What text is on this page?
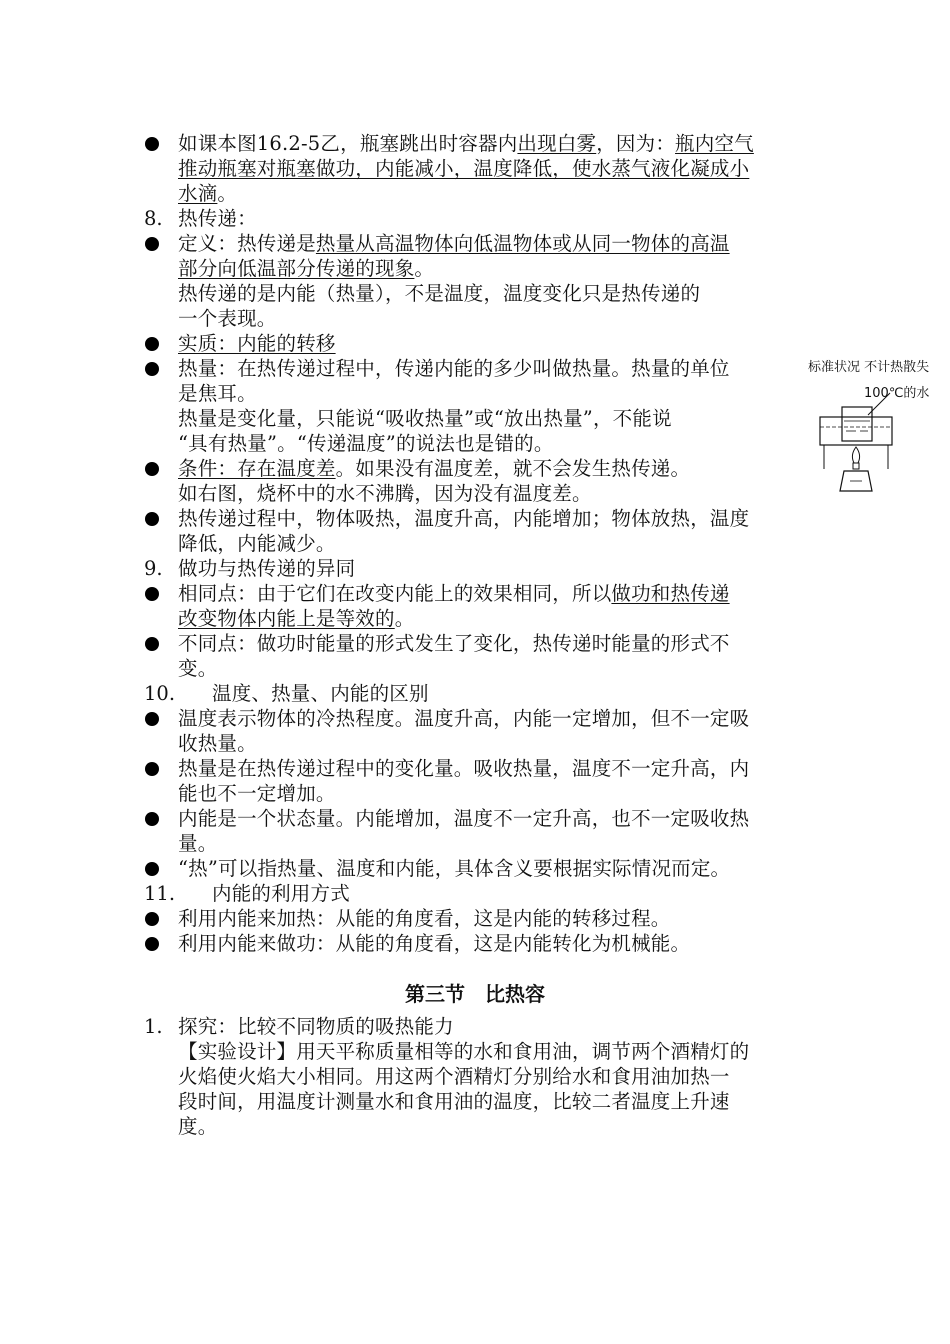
第三节　比热容
标准状况 不计热散失
100℃的水
如课本图16.2-5乙，瓶塞跳出时容器内出现白雾，因为：瓶内空气
推动瓶塞对瓶塞做功，内能减小，温度降低，使水蒸气液化凝成小
水滴。
8. 热传递：
定义：热传递是热量从高温物体向低温物体或从同一物体的高温
部分向低温部分传递的现象。
热传递的是内能（热量），不是温度，温度变化只是热传递的
一个表现。
实质：内能的转移
热量：在热传递过程中，传递内能的多少叫做热量。热量的单位
是焦耳。
热量是变化量，只能说“吸收热量”或“放出热量”，不能说
“具有热量”。“传递温度”的说法也是错的。
条件：存在温度差。如果没有温度差，就不会发生热传递。
如右图，烧杯中的水不沸腾，因为没有温度差。
热传递过程中，物体吸热，温度升高，内能增加；物体放热，温度
降低，内能减少。
9. 做功与热传递的异同
相同点：由于它们在改变内能上的效果相同，所以做功和热传递
改变物体内能上是等效的。
不同点：做功时能量的形式发生了变化，热传递时能量的形式不
变。
10. 温度、热量、内能的区别
温度表示物体的冷热程度。温度升高，内能一定增加，但不一定吸
收热量。
热量是在热传递过程中的变化量。吸收热量，温度不一定升高，内
能也不一定增加。
内能是一个状态量。内能增加，温度不一定升高，也不一定吸收热
量。
“热”可以指热量、温度和内能，具体含义要根据实际情况而定。
11. 内能的利用方式
利用内能来加热：从能的角度看，这是内能的转移过程。
利用内能来做功：从能的角度看，这是内能转化为机械能。
1. 探究：比较不同物质的吸热能力
【实验设计】用天平称质量相等的水和食用油，调节两个酒精灯的
火焰使火焰大小相同。用这两个酒精灯分别给水和食用油加热一
段时间，用温度计测量水和食用油的温度，比较二者温度上升速
度。
